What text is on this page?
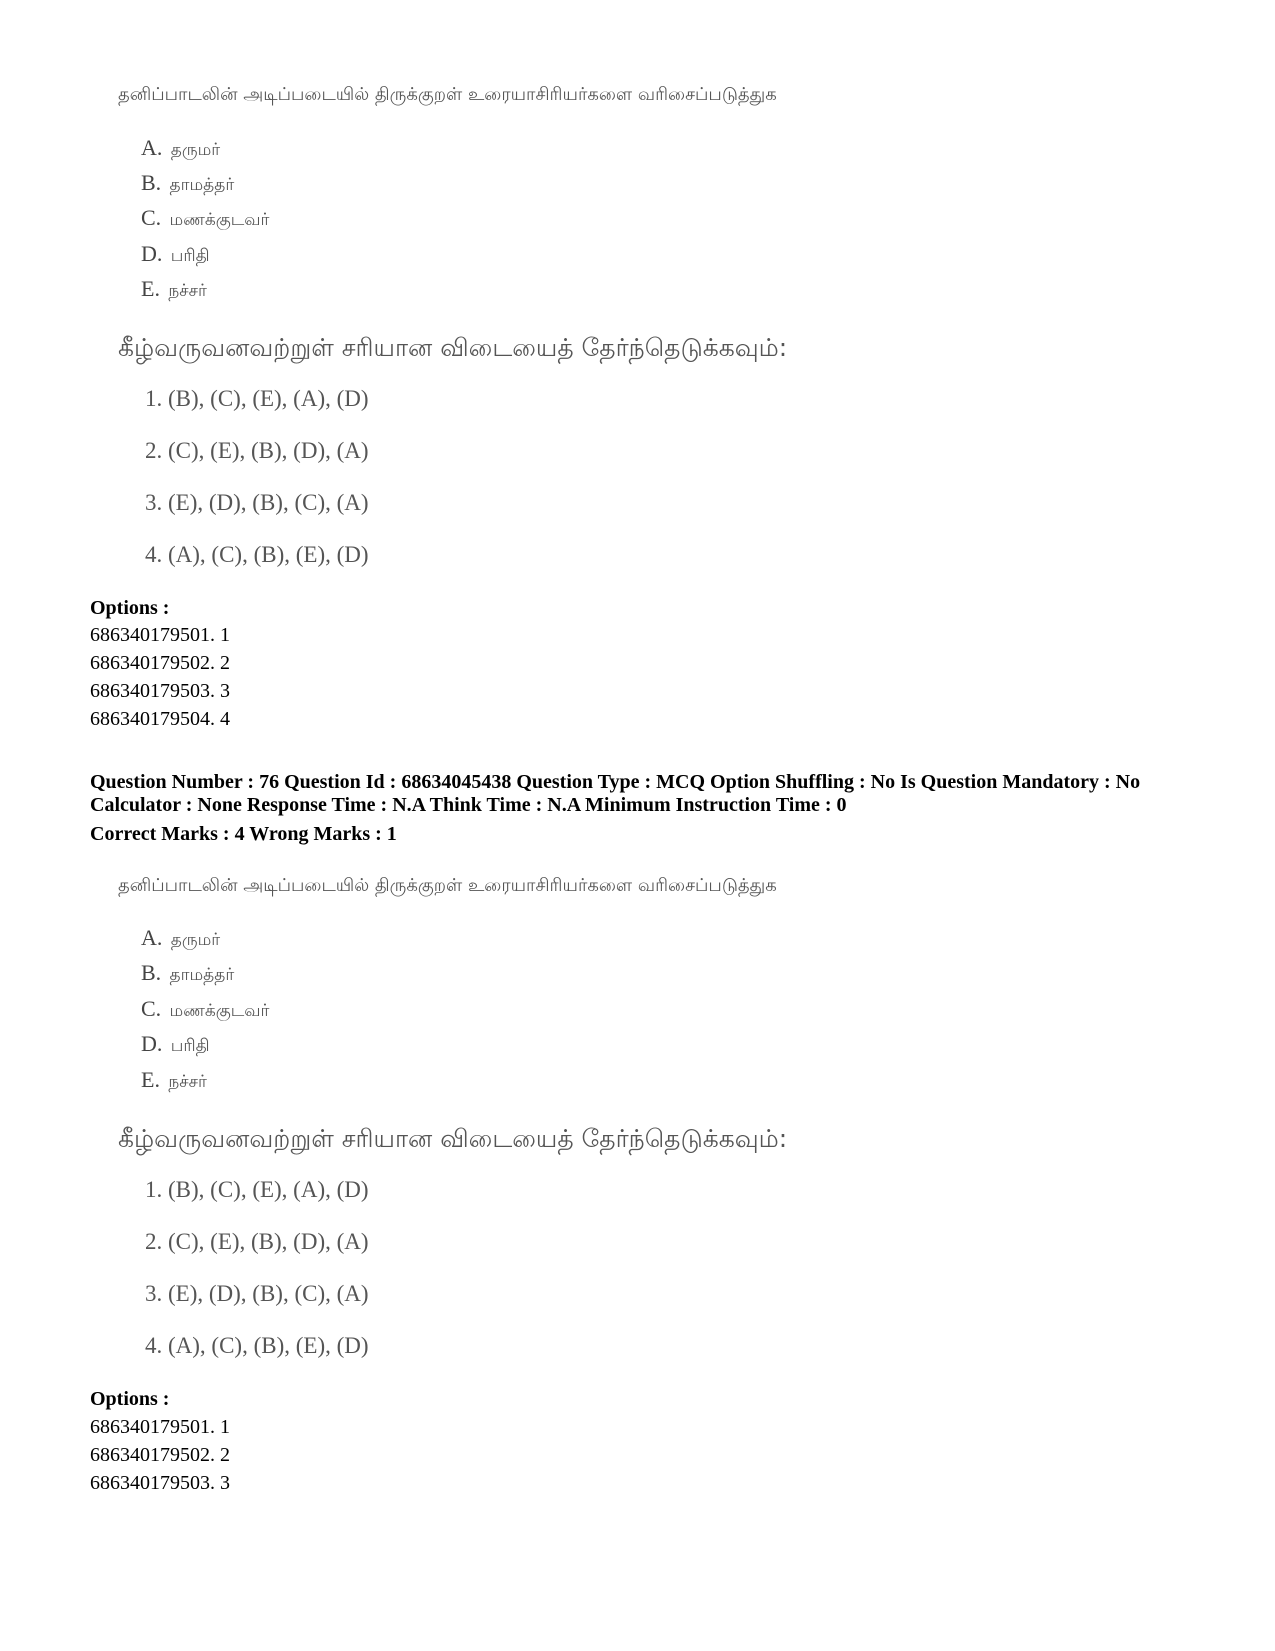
தனிப்பாடலின் அடிப்படையில் திருக்குறள் உரையாசிரியர்களை வரிசைப்படுத்துக
A. தருமர்
B. தாமத்தர்
C. மணக்குடவர்
D. பரிதி
E. நச்சர்
கீழ்வருவனவற்றுள் சரியான விடையைத் தேர்ந்தெடுக்கவும்:
1. (B), (C), (E), (A), (D)
2. (C), (E), (B), (D), (A)
3. (E), (D), (B), (C), (A)
4. (A), (C), (B), (E), (D)
Options :
686340179501. 1
686340179502. 2
686340179503. 3
686340179504. 4
Question Number : 76 Question Id : 68634045438 Question Type : MCQ Option Shuffling : No Is Question Mandatory : No Calculator : None Response Time : N.A Think Time : N.A Minimum Instruction Time : 0
Correct Marks : 4 Wrong Marks : 1
தனிப்பாடலின் அடிப்படையில் திருக்குறள் உரையாசிரியர்களை வரிசைப்படுத்துக
A. தருமர்
B. தாமத்தர்
C. மணக்குடவர்
D. பரிதி
E. நச்சர்
கீழ்வருவனவற்றுள் சரியான விடையைத் தேர்ந்தெடுக்கவும்:
1. (B), (C), (E), (A), (D)
2. (C), (E), (B), (D), (A)
3. (E), (D), (B), (C), (A)
4. (A), (C), (B), (E), (D)
Options :
686340179501. 1
686340179502. 2
686340179503. 3
